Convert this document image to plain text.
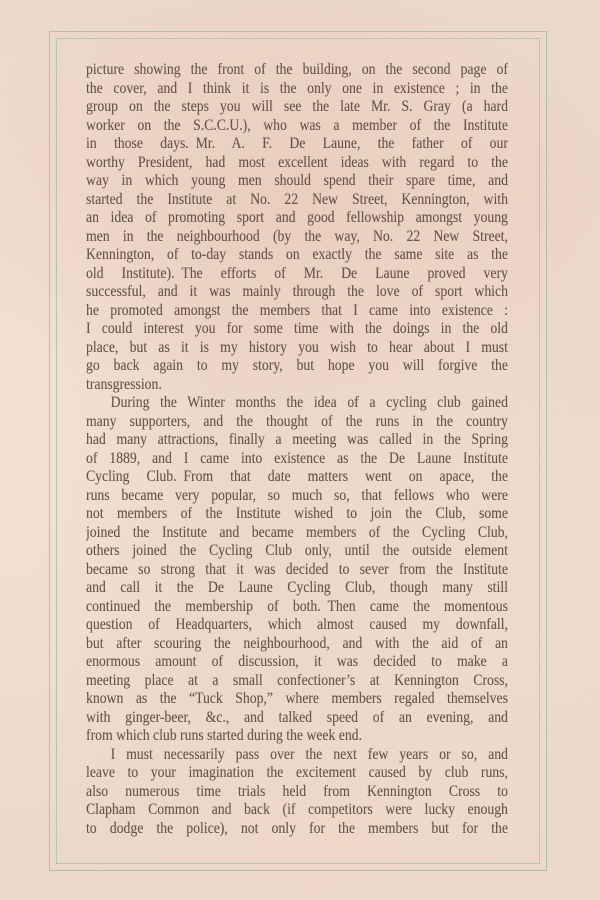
picture showing the front of the building, on the second page of
the cover, and I think it is the only one in existence ; in the
group on the steps you will see the late Mr. S. Gray (a hard
worker on the S.C.C.U.), who was a member of the Institute
in those days. Mr. A. F. De Laune, the father of our
worthy President, had most excellent ideas with regard to the
way in which young men should spend their spare time, and
started the Institute at No. 22 New Street, Kennington, with
an idea of promoting sport and good fellowship amongst young
men in the neighbourhood (by the way, No. 22 New Street,
Kennington, of to-day stands on exactly the same site as the
old Institute). The efforts of Mr. De Laune proved very
successful, and it was mainly through the love of sport which
he promoted amongst the members that I came into existence :
I could interest you for some time with the doings in the old
place, but as it is my history you wish to hear about I must
go back again to my story, but hope you will forgive the
transgression.
During the Winter months the idea of a cycling club gained
many supporters, and the thought of the runs in the country
had many attractions, finally a meeting was called in the Spring
of 1889, and I came into existence as the De Laune Institute
Cycling Club. From that date matters went on apace, the
runs became very popular, so much so, that fellows who were
not members of the Institute wished to join the Club, some
joined the Institute and became members of the Cycling Club,
others joined the Cycling Club only, until the outside element
became so strong that it was decided to sever from the Institute
and call it the De Laune Cycling Club, though many still
continued the membership of both. Then came the momentous
question of Headquarters, which almost caused my downfall,
but after scouring the neighbourhood, and with the aid of an
enormous amount of discussion, it was decided to make a
meeting place at a small confectioner’s at Kennington Cross,
known as the “Tuck Shop,” where members regaled themselves
with ginger-beer, &c., and talked speed of an evening, and
from which club runs started during the week end.
I must necessarily pass over the next few years or so, and
leave to your imagination the excitement caused by club runs,
also numerous time trials held from Kennington Cross to
Clapham Common and back (if competitors were lucky enough
to dodge the police), not only for the members but for the
